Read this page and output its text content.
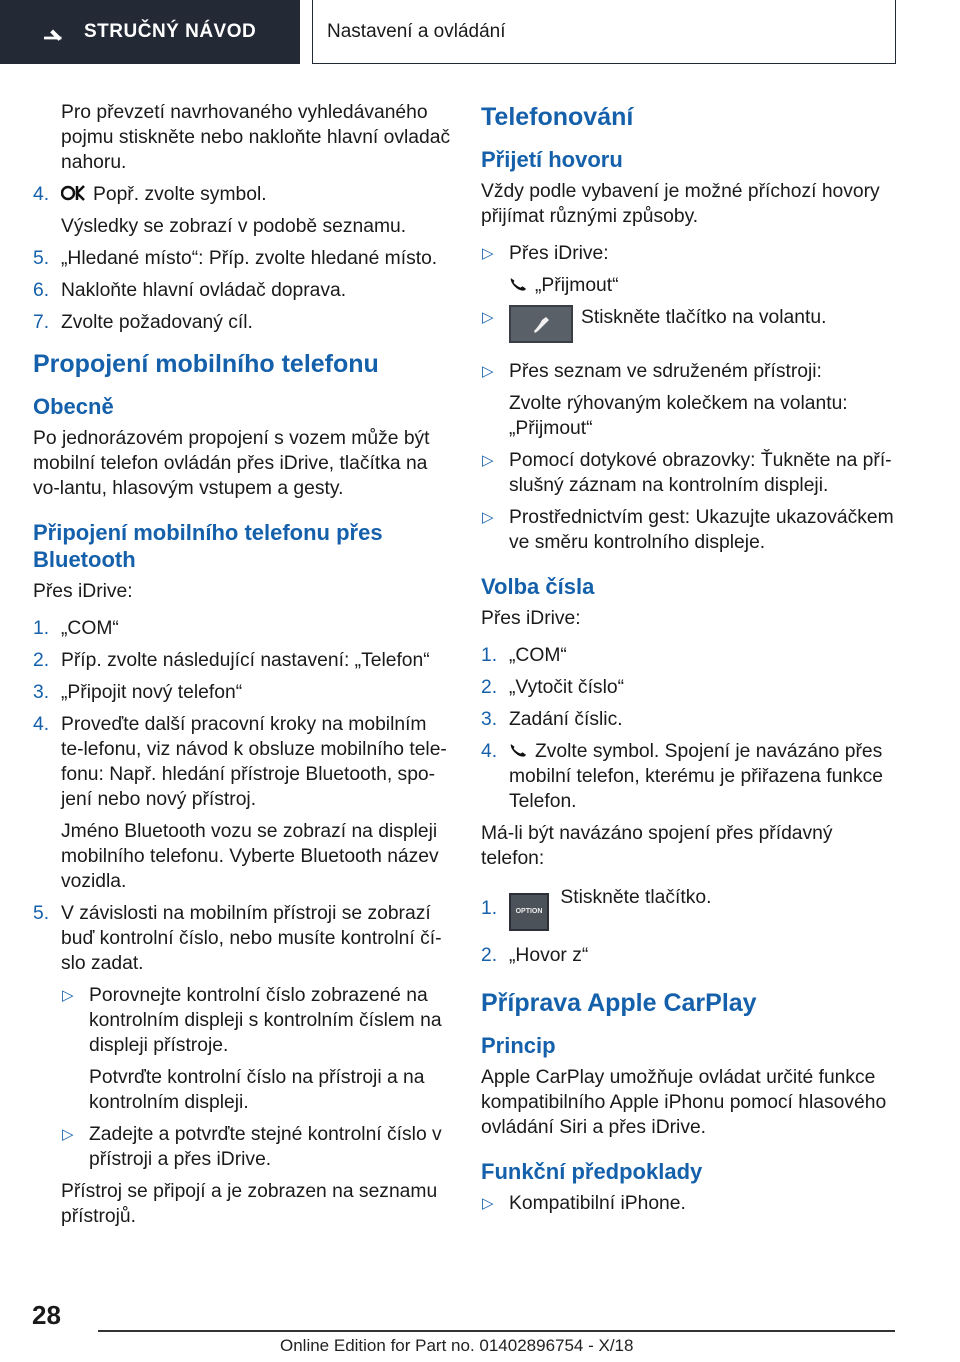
STRUČNÝ NÁVOD	Nastavení a ovládání

Pro převzetí navrhovaného vyhledávaného pojmu stiskněte nebo nakloňte hlavní ovladač nahoru.

4. Popř. zvolte symbol.
Výsledky se zobrazí v podobě seznamu.
5. „Hledané místo“: Příp. zvolte hledané místo.
6. Nakloňte hlavní ovládač doprava.
7. Zvolte požadovaný cíl.
Propojení mobilního telefonu
Obecně

Po jednorázovém propojení s vozem může být mobilní telefon ovládán přes iDrive, tlačítka na vo-lantu, hlasovým vstupem a gesty.

Připojení mobilního telefonu přes Bluetooth

Přes iDrive:

1. „COM“
2. Příp. zvolte následující nastavení: „Telefon“
3. „Připojit nový telefon“
4. Proveďte další pracovní kroky na mobilním te-lefonu, viz návod k obsluze mobilního tele-fonu: Např. hledání přístroje Bluetooth, spo-jení nebo nový přístroj.
Jméno Bluetooth vozu se zobrazí na displeji mobilního telefonu. Vyberte Bluetooth název vozidla.
5. V závislosti na mobilním přístroji se zobrazí buď kontrolní číslo, nebo musíte kontrolní čí-slo zadat.
▷ Porovnejte kontrolní číslo zobrazené na kontrolním displeji s kontrolním číslem na displeji přístroje.
Potvrďte kontrolní číslo na přístroji a na kontrolním displeji.
▷ Zadejte a potvrďte stejné kontrolní číslo v přístroji a přes iDrive.
Přístroj se připojí a je zobrazen na seznamu přístrojů.
Telefonování
Přijetí hovoru

Vždy podle vybavení je možné příchozí hovory přijímat různými způsoby.

▷ Přes iDrive:
„Přijmout“
▷	Stiskněte tlačítko na volantu.
▷ Přes seznam ve sdruženém přístroji:
Zvolte rýhovaným kolečkem na volantu: „Přijmout“
▷ Pomocí dotykové obrazovky: Ťukněte na pří-slušný záznam na kontrolním displeji.
▷ Prostřednictvím gest: Ukazujte ukazováčkem ve směru kontrolního displeje.
Volba čísla

Přes iDrive:

1. „COM“
2. „Vytočit číslo“
3. Zadání číslic.
4. Zvolte symbol. Spojení je navázáno přes mobilní telefon, kterému je přiřazena funkce Telefon.

Má-li být navázáno spojení přes přídavný telefon:

1.	OPTION Stiskněte tlačítko.
2. „Hovor z“
Příprava Apple CarPlay
Princip

Apple CarPlay umožňuje ovládat určité funkce kompatibilního Apple iPhonu pomocí hlasového ovládání Siri a přes iDrive.

Funkční předpoklady
▷ Kompatibilní iPhone.
28
Online Edition for Part no. 01402896754 - X/18
